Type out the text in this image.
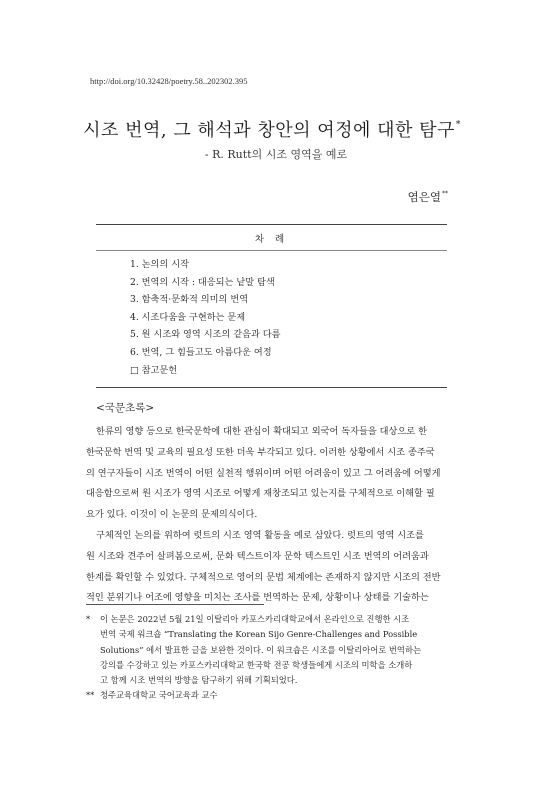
http://doi.org/10.32428/poetry.58..202302.395
시조 번역, 그 해석과 창안의 여정에 대한 탐구*
- R. Rutt의 시조 영역을 예로
염은열**
차 례
1. 논의의 시작
2. 번역의 시작 : 대응되는 낱말 탐색
3. 함축적·문화적 의미의 번역
4. 시조다움을 구현하는 문제
5. 원 시조와 영역 시조의 같음과 다름
6. 번역, 그 힘들고도 아름다운 여정
□ 참고문헌
<국문초록>

한류의 영향 등으로 한국문학에 대한 관심이 확대되고 외국어 독자들을 대상으로 한

한국문학 번역 및 교육의 필요성 또한 더욱 부각되고 있다. 이러한 상황에서 시조 종주국

의 연구자들이 시조 번역이 어떤 실천적 행위이며 어떤 어려움이 있고 그 어려움에 어떻게

대응함으로써 원 시조가 영역 시조로 어떻게 재창조되고 있는지를 구체적으로 이해할 필

요가 있다. 이것이 이 논문의 문제의식이다.

구체적인 논의를 위하여 럿트의 시조 영역 활동을 예로 삼았다. 럿트의 영역 시조를

원 시조와 견주어 살펴봄으로써, 문화 텍스트이자 문학 텍스트인 시조 번역의 어려움과

한계를 확인할 수 있었다. 구체적으로 영어의 문법 체계에는 존재하지 않지만 시조의 전반

적인 분위기나 어조에 영향을 미치는 조사를 번역하는 문제, 상황이나 상태를 기술하는

* 이 논문은 2022년 5월 21일 이탈리아 카포스카리대학교에서 온라인으로 진행한 시조
번역 국제 워크숍 “Translating the Korean Sijo Genre-Challenges and Possible
Solutions” 에서 발표한 글을 보완한 것이다. 이 워크숍은 시조를 이탈리아어로 번역하는
강의를 수강하고 있는 카포스카리대학교 한국학 전공 학생들에게 시조의 미학을 소개하
고 함께 시조 번역의 방향을 탐구하기 위해 기획되었다.
** 청주교육대학교 국어교육과 교수
